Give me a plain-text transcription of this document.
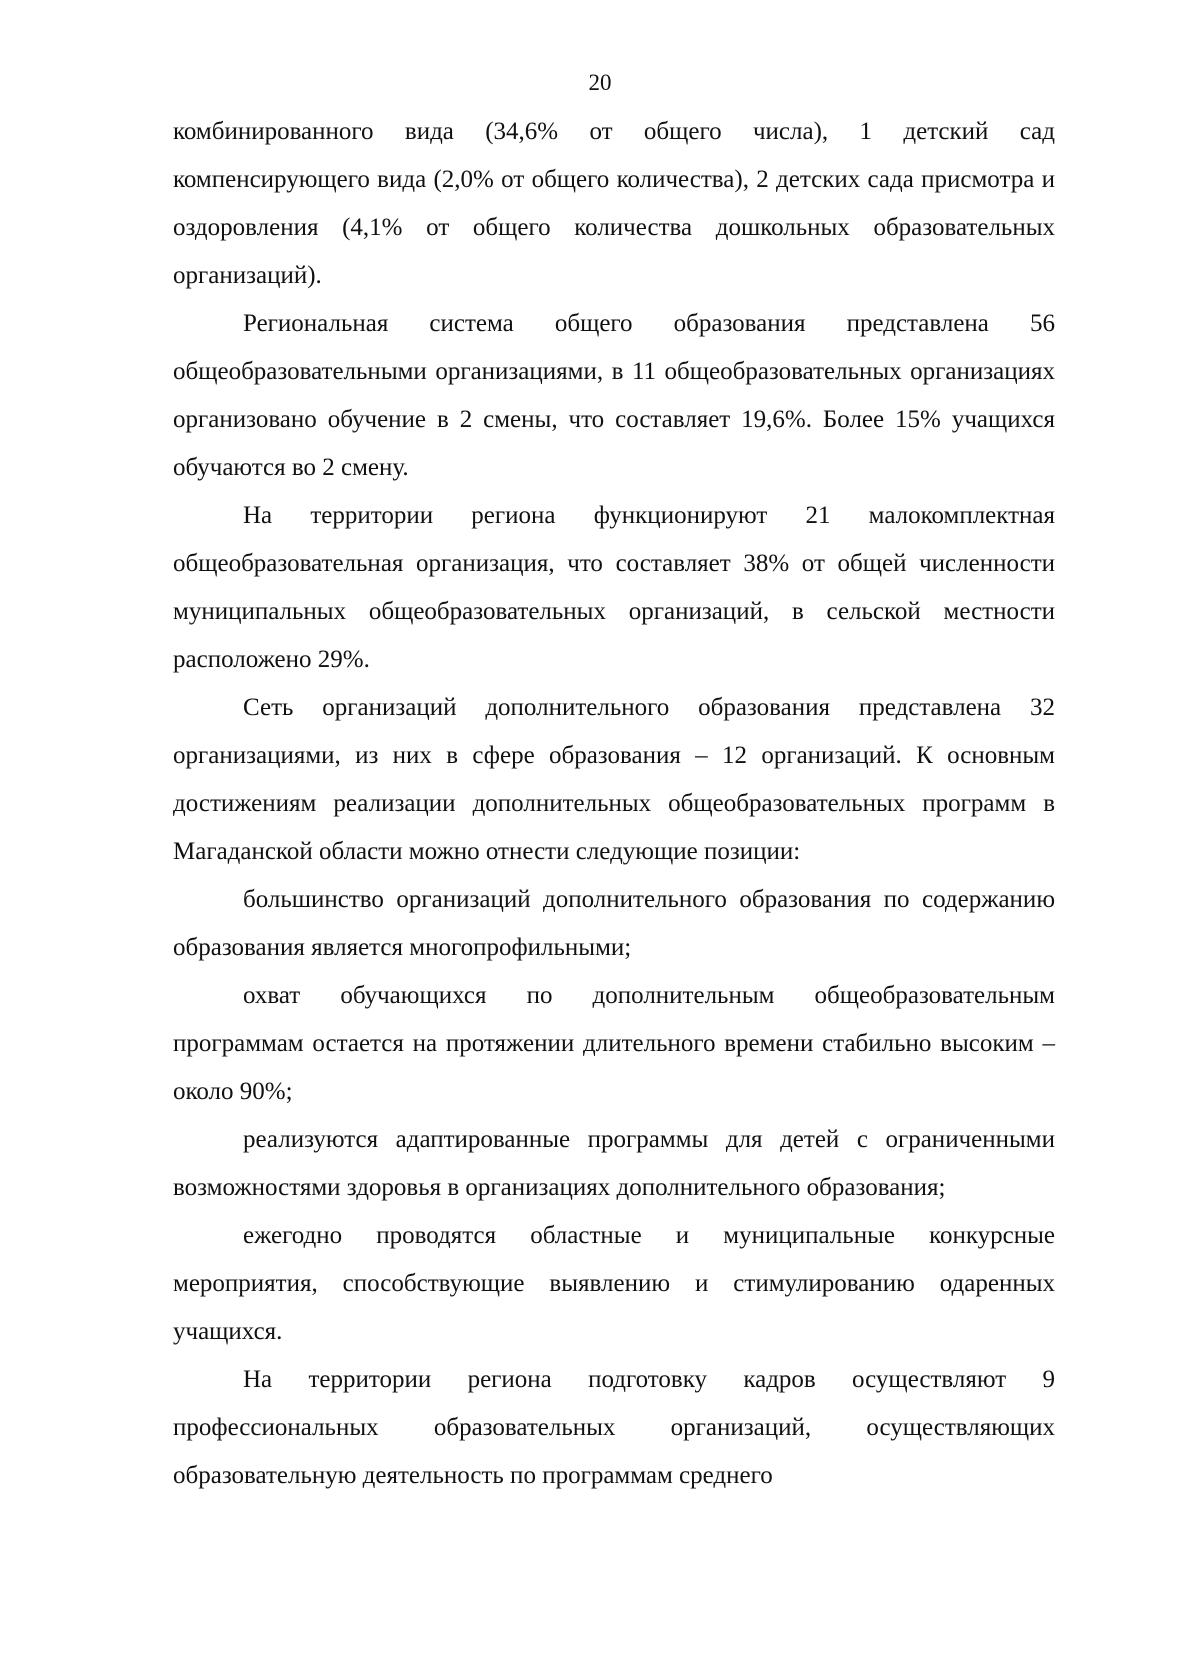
20

комбинированного вида (34,6% от общего числа), 1 детский сад компенсирующего вида (2,0% от общего количества), 2 детских сада присмотра и оздоровления (4,1% от общего количества дошкольных образовательных организаций).

Региональная система общего образования представлена 56 общеобразовательными организациями, в 11 общеобразовательных организациях организовано обучение в 2 смены, что составляет 19,6%. Более 15% учащихся обучаются во 2 смену.

На территории региона функционируют 21 малокомплектная общеобразовательная организация, что составляет 38% от общей численности муниципальных общеобразовательных организаций, в сельской местности расположено 29%.

Сеть организаций дополнительного образования представлена 32 организациями, из них в сфере образования – 12 организаций. К основным достижениям реализации дополнительных общеобразовательных программ в Магаданской области можно отнести следующие позиции:

большинство организаций дополнительного образования по содержанию образования является многопрофильными;

охват обучающихся по дополнительным общеобразовательным программам остается на протяжении длительного времени стабильно высоким – около 90%;

реализуются адаптированные программы для детей с ограниченными возможностями здоровья в организациях дополнительного образования;

ежегодно проводятся областные и муниципальные конкурсные мероприятия, способствующие выявлению и стимулированию одаренных учащихся.

На территории региона подготовку кадров осуществляют 9 профессиональных образовательных организаций, осуществляющих образовательную деятельность по программам среднего
